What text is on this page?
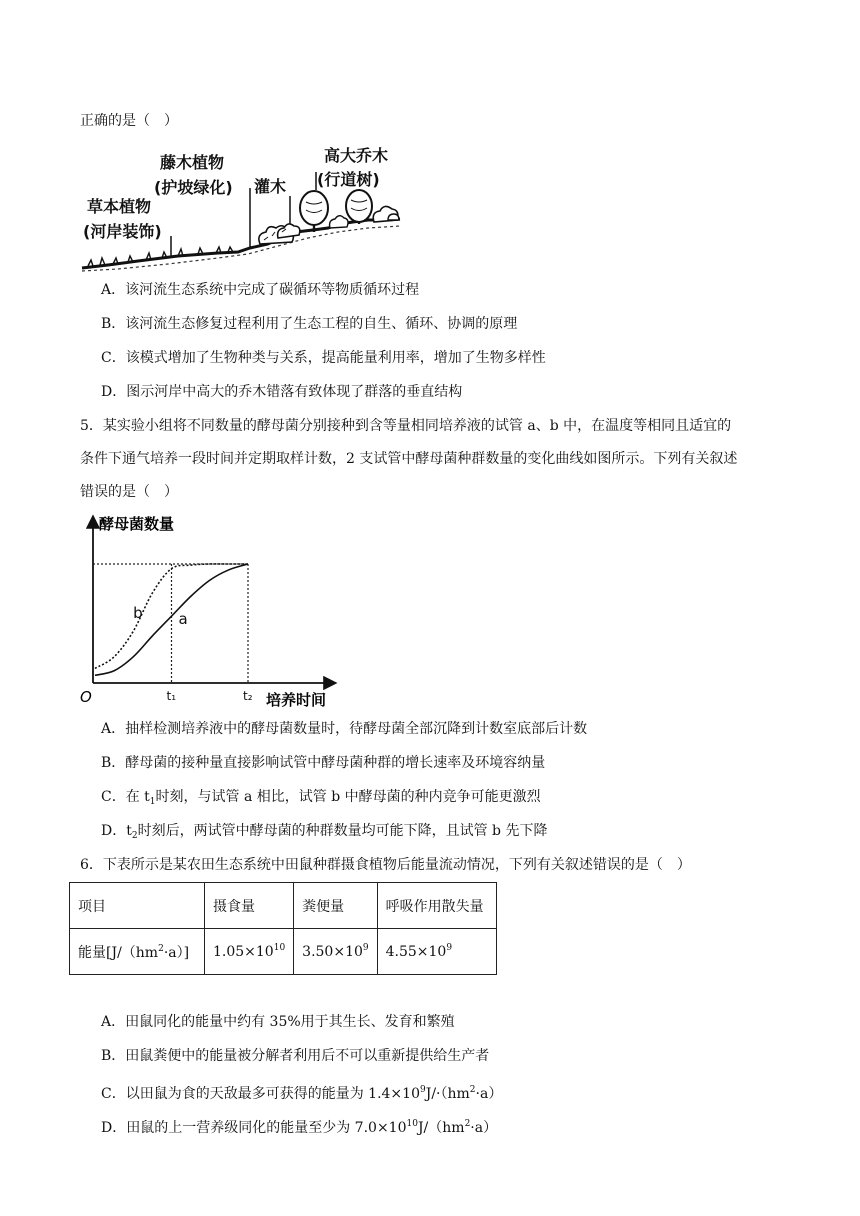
正确的是（　）
草本植物
(河岸装饰)
藤木植物
(护坡绿化) 灌木
高大乔木
(行道树)
A．该河流生态系统中完成了碳循环等物质循环过程
B．该河流生态修复过程利用了生态工程的自生、循环、协调的原理
C．该模式增加了生物种类与关系，提高能量利用率，增加了生物多样性
D．图示河岸中高大的乔木错落有致体现了群落的垂直结构
5．某实验小组将不同数量的酵母菌分别接种到含等量相同培养液的试管 a、b 中，在温度等相同且适宜的
条件下通气培养一段时间并定期取样计数，2 支试管中酵母菌种群数量的变化曲线如图所示。下列有关叙述
错误的是（　）
酵母菌数量
培养时间
O	t₁	t₂
a
b
A．抽样检测培养液中的酵母菌数量时，待酵母菌全部沉降到计数室底部后计数
B．酵母菌的接种量直接影响试管中酵母菌种群的增长速率及环境容纳量
C．在 $t_1$时刻，与试管 a 相比，试管 b 中酵母菌的种内竞争可能更激烈
D．$t_2$时刻后，两试管中酵母菌的种群数量均可能下降，且试管 b 先下降
6．下表所示是某农田生态系统中田鼠种群摄食植物后能量流动情况，下列有关叙述错误的是（　）
项目	摄食量	粪便量	呼吸作用散失量
能量$[J/(hm^2\cdot a)]$	$1.05\times 10^{10}$	$3.50\times 10^9$	$4.55\times 10^9$
A．田鼠同化的能量中约有 35%用于其生长、发育和繁殖
B．田鼠粪便中的能量被分解者利用后不可以重新提供给生产者
C．以田鼠为食的天敌最多可获得的能量为 $1.4\times 10^9J/\cdot(hm^2\cdot a)$
D．田鼠的上一营养级同化的能量至少为 $7.0\times 10^{10}J/(hm^2\cdot a)$
